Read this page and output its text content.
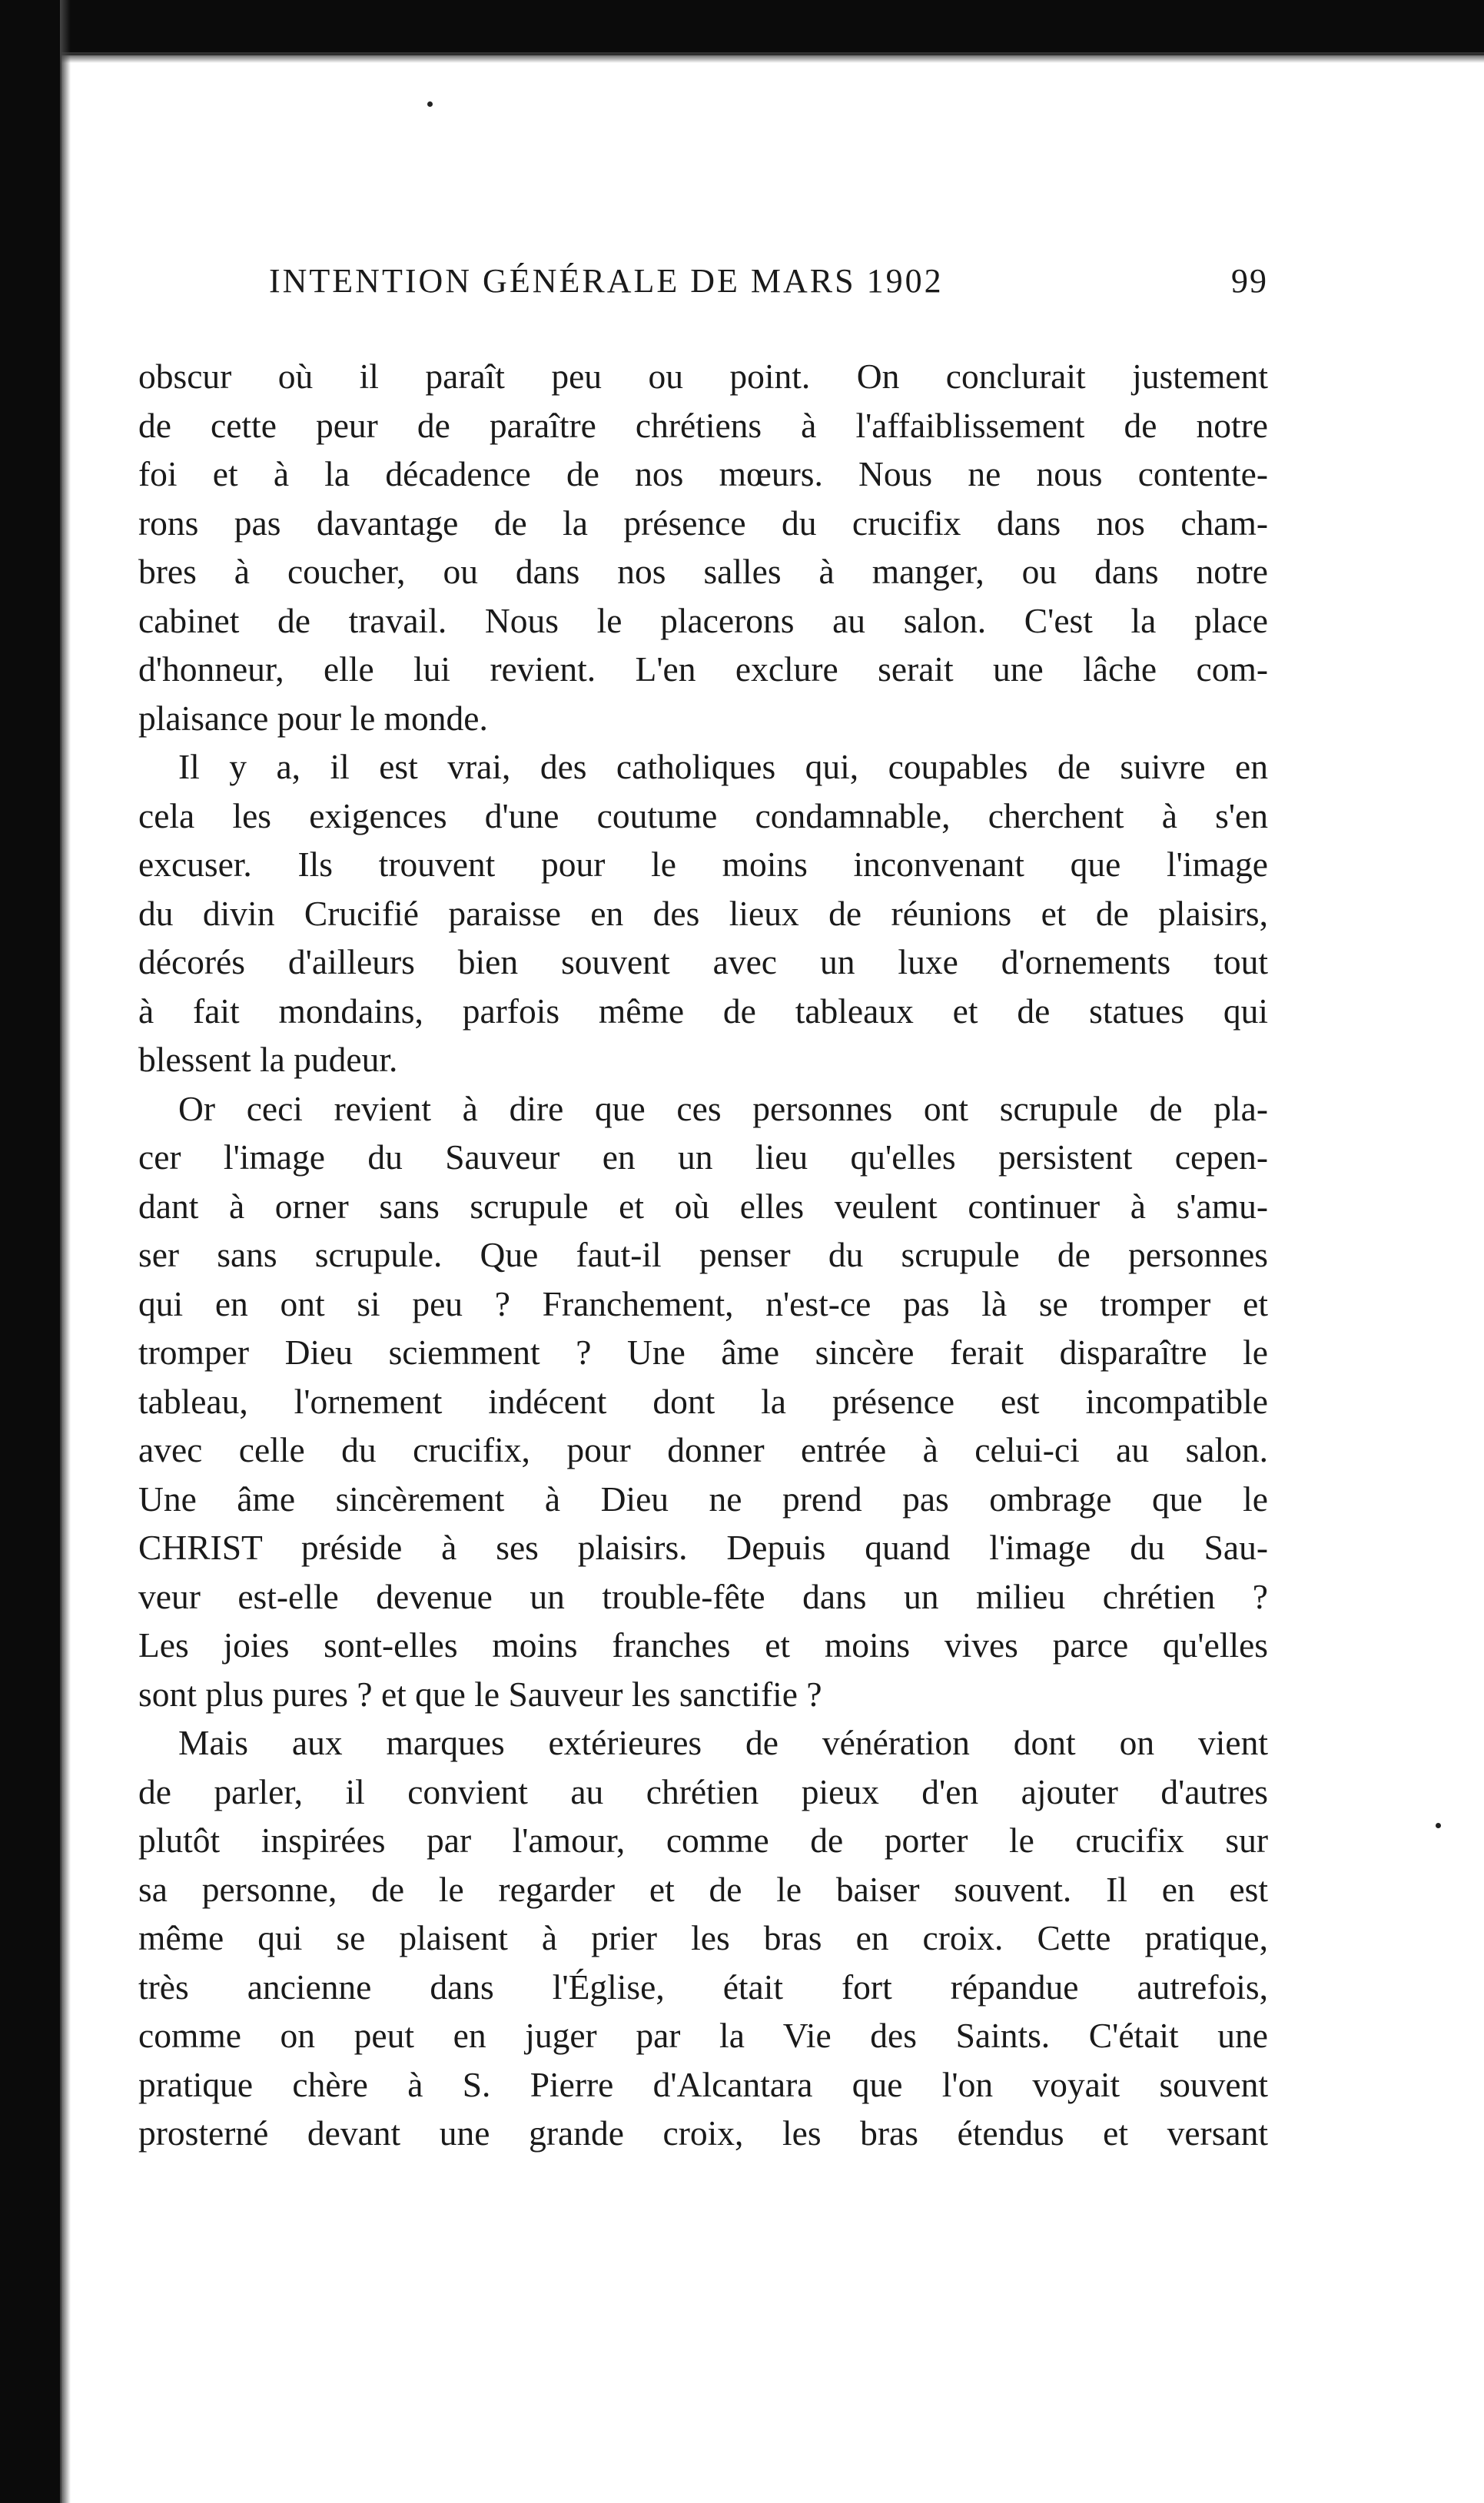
INTENTION GÉNÉRALE DE MARS 1902	99
obscur où il paraît peu ou point. On conclurait justement
de cette peur de paraître chrétiens à l'affaiblissement de notre
foi et à la décadence de nos mœurs. Nous ne nous contente-
rons pas davantage de la présence du crucifix dans nos cham-
bres à coucher, ou dans nos salles à manger, ou dans notre
cabinet de travail. Nous le placerons au salon. C'est la place
d'honneur, elle lui revient. L'en exclure serait une lâche com-
plaisance pour le monde.
Il y a, il est vrai, des catholiques qui, coupables de suivre en
cela les exigences d'une coutume condamnable, cherchent à s'en
excuser. Ils trouvent pour le moins inconvenant que l'image
du divin Crucifié paraisse en des lieux de réunions et de plaisirs,
décorés d'ailleurs bien souvent avec un luxe d'ornements tout
à fait mondains, parfois même de tableaux et de statues qui
blessent la pudeur.
Or ceci revient à dire que ces personnes ont scrupule de pla-
cer l'image du Sauveur en un lieu qu'elles persistent cepen-
dant à orner sans scrupule et où elles veulent continuer à s'amu-
ser sans scrupule. Que faut-il penser du scrupule de personnes
qui en ont si peu ? Franchement, n'est-ce pas là se tromper et
tromper Dieu sciemment ? Une âme sincère ferait disparaître le
tableau, l'ornement indécent dont la présence est incompatible
avec celle du crucifix, pour donner entrée à celui-ci au salon.
Une âme sincèrement à Dieu ne prend pas ombrage que le
CHRIST préside à ses plaisirs. Depuis quand l'image du Sau-
veur est-elle devenue un trouble-fête dans un milieu chrétien ?
Les joies sont-elles moins franches et moins vives parce qu'elles
sont plus pures ? et que le Sauveur les sanctifie ?
Mais aux marques extérieures de vénération dont on vient
de parler, il convient au chrétien pieux d'en ajouter d'autres
plutôt inspirées par l'amour, comme de porter le crucifix sur
sa personne, de le regarder et de le baiser souvent. Il en est
même qui se plaisent à prier les bras en croix. Cette pratique,
très ancienne dans l'Église, était fort répandue autrefois,
comme on peut en juger par la Vie des Saints. C'était une
pratique chère à S. Pierre d'Alcantara que l'on voyait souvent
prosterné devant une grande croix, les bras étendus et versant
